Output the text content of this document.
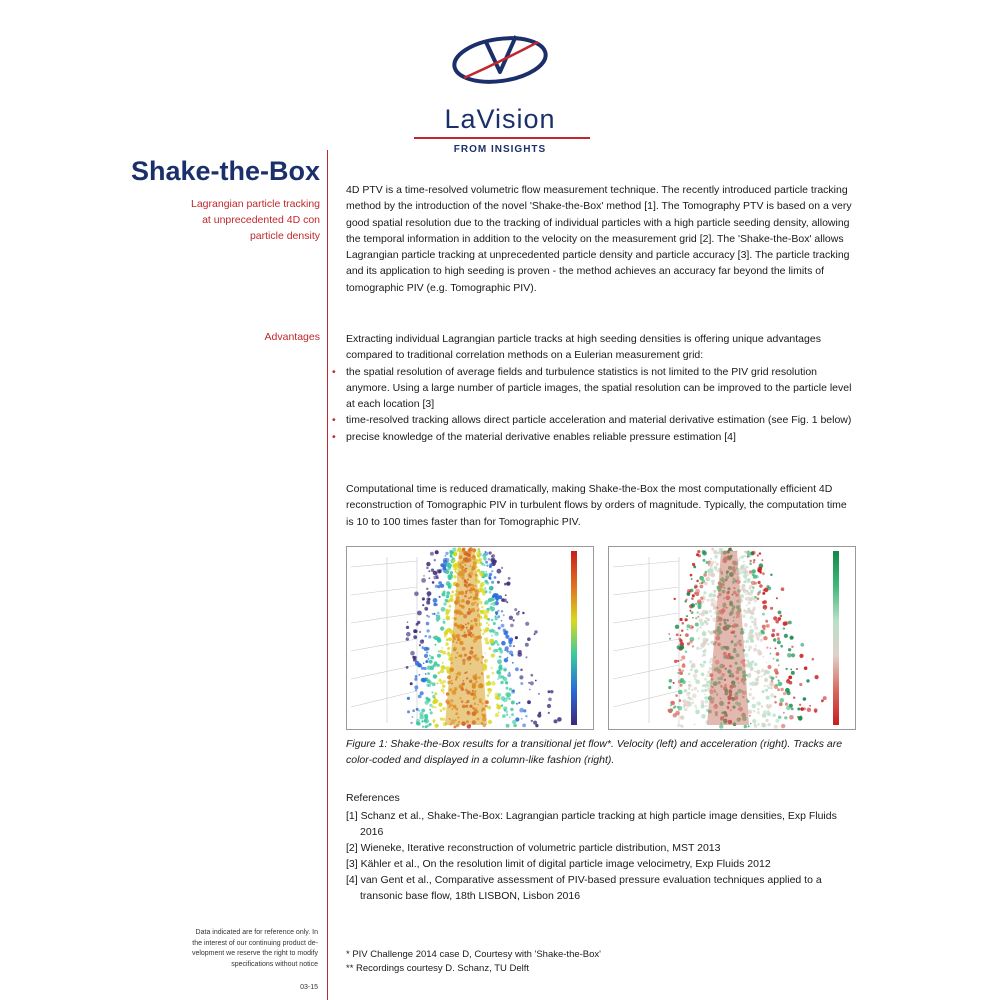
LaVision
FROM INSIGHTS
Shake-the-Box
Lagrangian particle tracking
at unprecedented 4D con
particle density
Advantages

4D PTV is a time-resolved volumetric flow measurement technique. The recently introduced particle tracking method by the introduction of the novel 'Shake-the-Box' method [1]. The Tomography PTV is based on a very good spatial resolution due to the tracking of individual particles with a high particle seeding density, allowing the temporal information in addition to the velocity on the measurement grid [2]. The 'Shake-the-Box' allows Lagrangian particle tracking at unprecedented particle density and particle accuracy [3]. The particle tracking and its application to high seeding is proven - the method achieves an accuracy far beyond the limits of tomographic PIV (e.g. Tomographic PIV).

Extracting individual Lagrangian particle tracks at high seeding densities is offering unique advantages compared to traditional correlation methods on a Eulerian measurement grid:

• the spatial resolution of average fields and turbulence statistics is not limited to the PIV grid resolution anymore. Using a large number of particle images, the spatial resolution can be improved to the particle level at each location [3]
• time-resolved tracking allows direct particle acceleration and material derivative estimation (see Fig. 1 below)
• precise knowledge of the material derivative enables reliable pressure estimation [4]

Computational time is reduced dramatically, making Shake-the-Box the most computationally efficient 4D reconstruction of Tomographic PIV in turbulent flows by orders of magnitude. Typically, the computation time is 10 to 100 times faster than for Tomographic PIV.

Figure 1: Shake-the-Box results for a transitional jet flow*. Velocity (left) and acceleration (right). Tracks are color-coded and displayed in a column-like fashion (right).

References
[1] Schanz et al., Shake-The-Box: Lagrangian particle tracking at high particle image densities, Exp Fluids 2016
[2] Wieneke, Iterative reconstruction of volumetric particle distribution, MST 2013
[3] Kähler et al., On the resolution limit of digital particle image velocimetry, Exp Fluids 2012
[4] van Gent et al., Comparative assessment of PIV-based pressure evaluation techniques applied to a transonic base flow, 18th LISBON, Lisbon 2016
* PIV Challenge 2014 case D, Courtesy with 'Shake-the-Box'
** Recordings courtesy D. Schanz, TU Delft
Data indicated are for reference only. In
the interest of our continuing product de-
velopment we reserve the right to modify
specifications without notice
03-15
